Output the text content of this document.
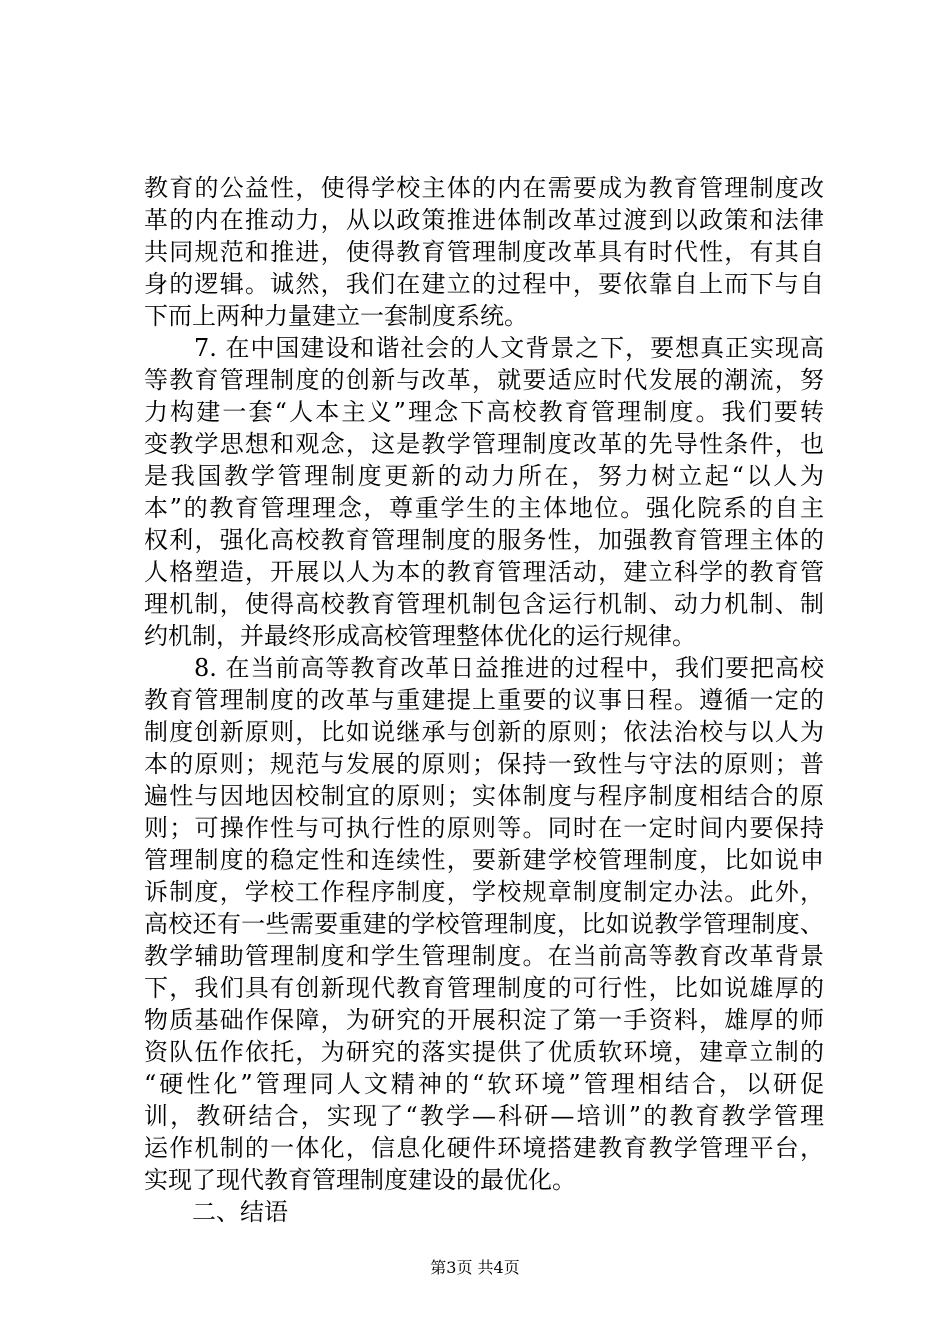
教育的公益性，使得学校主体的内在需要成为教育管理制度改
革的内在推动力，从以政策推进体制改革过渡到以政策和法律
共同规范和推进，使得教育管理制度改革具有时代性，有其自
身的逻辑。诚然，我们在建立的过程中，要依靠自上而下与自
下而上两种力量建立一套制度系统。
　　7. 在中国建设和谐社会的人文背景之下，要想真正实现高
等教育管理制度的创新与改革，就要适应时代发展的潮流，努
力构建一套“人本主义”理念下高校教育管理制度。我们要转
变教学思想和观念，这是教学管理制度改革的先导性条件，也
是我国教学管理制度更新的动力所在，努力树立起“以人为
本”的教育管理理念，尊重学生的主体地位。强化院系的自主
权利，强化高校教育管理制度的服务性，加强教育管理主体的
人格塑造，开展以人为本的教育管理活动，建立科学的教育管
理机制，使得高校教育管理机制包含运行机制、动力机制、制
约机制，并最终形成高校管理整体优化的运行规律。
　　8. 在当前高等教育改革日益推进的过程中，我们要把高校
教育管理制度的改革与重建提上重要的议事日程。遵循一定的
制度创新原则，比如说继承与创新的原则；依法治校与以人为
本的原则；规范与发展的原则；保持一致性与守法的原则；普
遍性与因地因校制宜的原则；实体制度与程序制度相结合的原
则；可操作性与可执行性的原则等。同时在一定时间内要保持
管理制度的稳定性和连续性，要新建学校管理制度，比如说申
诉制度，学校工作程序制度，学校规章制度制定办法。此外，
高校还有一些需要重建的学校管理制度，比如说教学管理制度、
教学辅助管理制度和学生管理制度。在当前高等教育改革背景
下，我们具有创新现代教育管理制度的可行性，比如说雄厚的
物质基础作保障，为研究的开展积淀了第一手资料，雄厚的师
资队伍作依托，为研究的落实提供了优质软环境，建章立制的
“硬性化”管理同人文精神的“软环境”管理相结合，以研促
训，教研结合，实现了“教学—科研—培训”的教育教学管理
运作机制的一体化，信息化硬件环境搭建教育教学管理平台，
实现了现代教育管理制度建设的最优化。
　　二、结语
第3页 共4页
